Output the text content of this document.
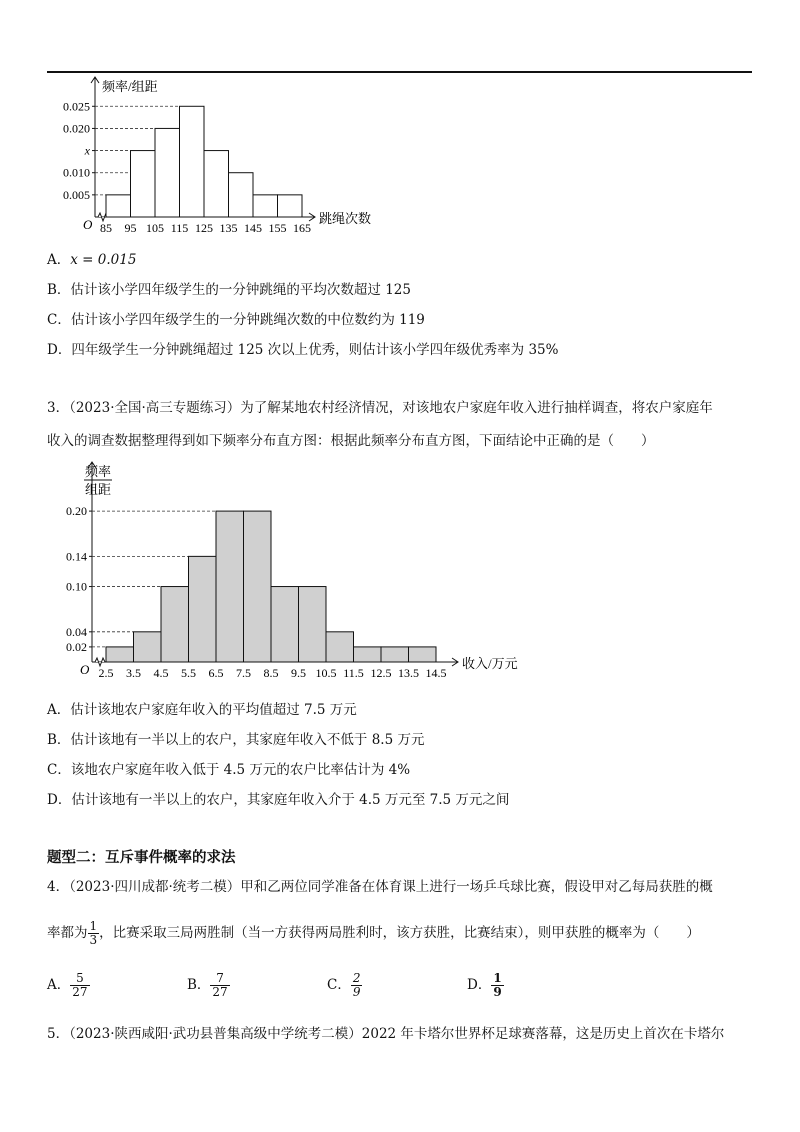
0.005
0.010
x
0.020
0.025
85 95 105 115 125 135 145 155 165
O	跳绳次数
频率/组距
A．x = 0.015
B．估计该小学四年级学生的一分钟跳绳的平均次数超过 125
C．估计该小学四年级学生的一分钟跳绳次数的中位数约为 119
D．四年级学生一分钟跳绳超过 125 次以上优秀，则估计该小学四年级优秀率为 35%
3．（2023·全国·高三专题练习）为了解某地农村经济情况，对该地农户家庭年收入进行抽样调查，将农户家庭年
收入的调查数据整理得到如下频率分布直方图：根据此频率分布直方图，下面结论中正确的是（　　）
0.02
0.04
0.10
0.14
0.20
2.5 3.5 4.5 5.5 6.5 7.5 8.5 9.5 10.5 11.5 12.5 13.5 14.5
O	收入/万元
频率
组距
A．估计该地农户家庭年收入的平均值超过 7.5 万元
B．估计该地有一半以上的农户，其家庭年收入不低于 8.5 万元
C．该地农户家庭年收入低于 4.5 万元的农户比率估计为 4%
D．估计该地有一半以上的农户，其家庭年收入介于 4.5 万元至 7.5 万元之间
题型二：互斥事件概率的求法
4．（2023·四川成都·统考二模）甲和乙两位同学准备在体育课上进行一场乒乓球比赛，假设甲对乙每局获胜的概
率都为 $\frac{1}{3}$ ，比赛采取三局两胜制（当一方获得两局胜利时，该方获胜，比赛结束），则甲获胜的概率为（　　）
A． $\frac{5}{27}$	B． $\frac{7}{27}$	C． $\frac{2}{9}$	D． $\frac{1}{9}$
5．（2023·陕西咸阳·武功县普集高级中学统考二模）2022 年卡塔尔世界杯足球赛落幕，这是历史上首次在卡塔尔
